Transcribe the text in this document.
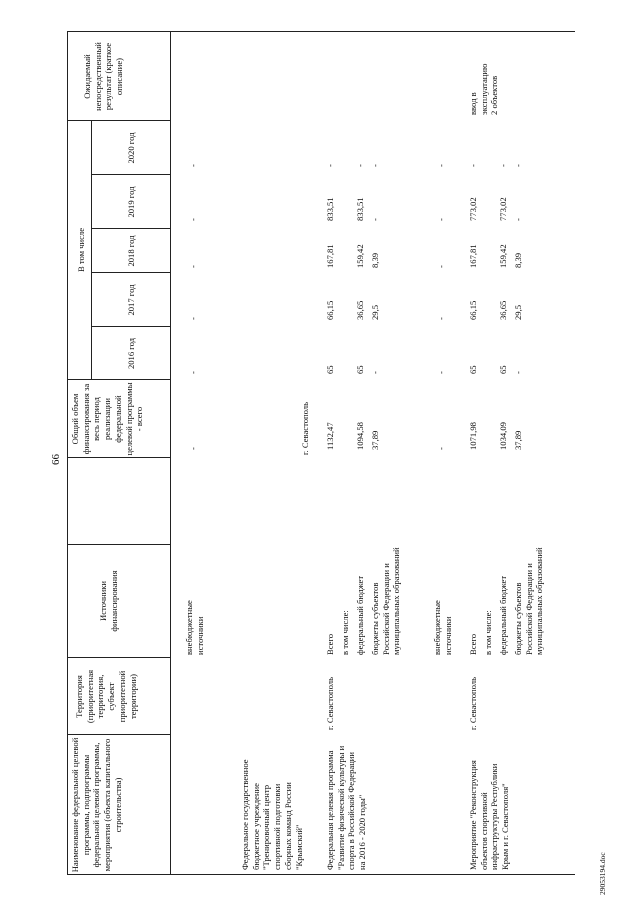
66
29053194.doc
Наименование федеральной целевой программы, подпрограммы федеральной целевой программы, мероприятия (объекта капитального строительства)
Территория (приоритетная территория, субъект приоритетной территории)
Источники финансирования
Общий объем финансирования за весь период реализации федеральной целевой программы - всего
В том числе
2016 год
2017 год
2018 год
2019 год
2020 год
Ожидаемый непосредственный результат (краткое описание)
внебюджетные источники
-
-
-
-
-
-
Федеральное государственное бюджетное учреждение "Тренировочный центр спортивной подготовки сборных команд России "Крымский"
г. Севастополь
Федеральная целевая программа "Развитие физической культуры и спорта в Российской Федерации на 2016 - 2020 годы"
г. Севастополь
Всего
1132,47
65
66,15
167,81
833,51
-
в том числе: федеральный бюджет
1094,58
65
36,65
159,42
833,51
-
бюджеты субъектов Российской Федерации и муниципальных образований
37,89
-
29,5
8,39
-
-
внебюджетные источники
-
-
-
-
-
-
Мероприятие "Реконструкция объектов спортивной инфраструктуры Республики Крым и г. Севастополя"
г. Севастополь
ввод в эксплуатацию 2 объектов
Всего
1071,98
65
66,15
167,81
773,02
-
в том числе: федеральный бюджет
1034,09
65
36,65
159,42
773,02
-
бюджеты субъектов Российской Федерации и муниципальных образований
37,89
-
29,5
8,39
-
-
